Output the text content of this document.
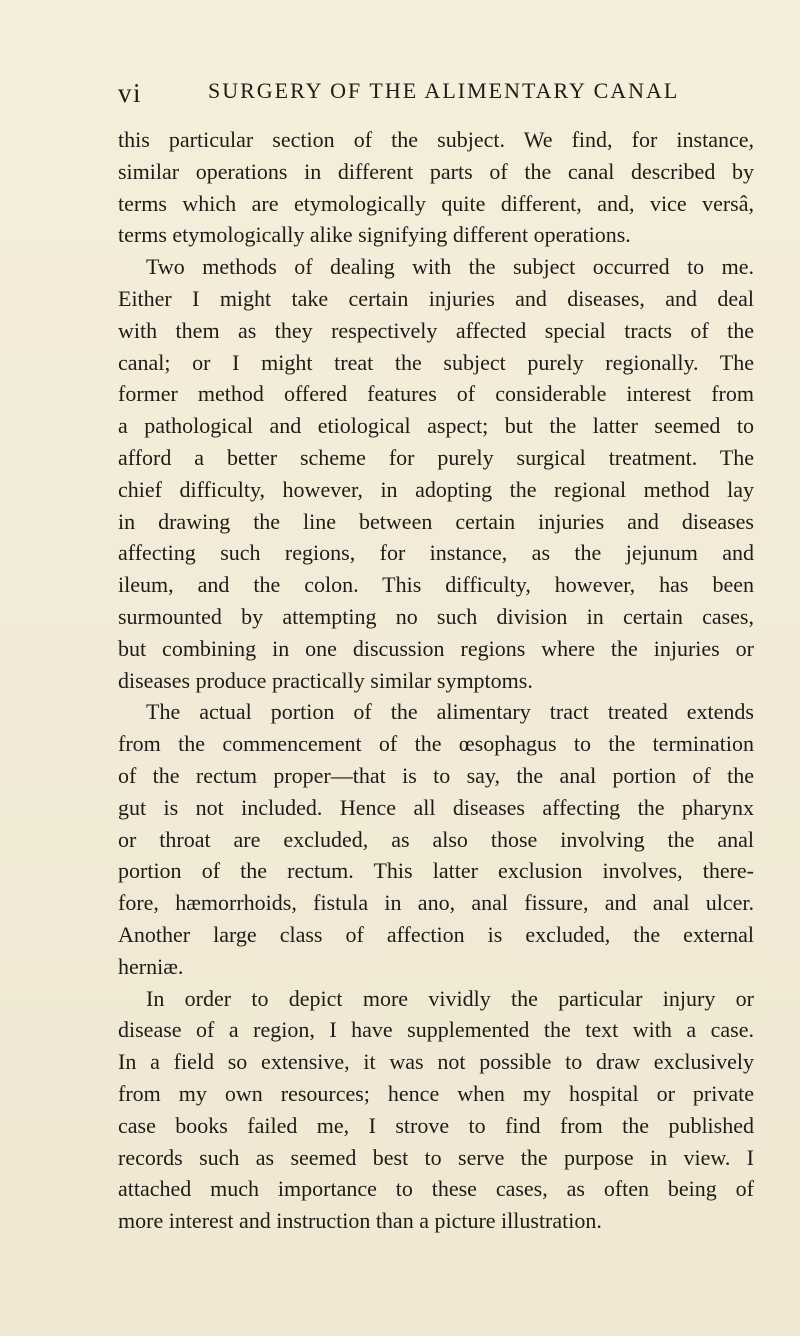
vi	SURGERY OF THE ALIMENTARY CANAL
this particular section of the subject. We find, for instance,
similar operations in different parts of the canal described by
terms which are etymologically quite different, and, vice versâ,
terms etymologically alike signifying different operations.
Two methods of dealing with the subject occurred to me.
Either I might take certain injuries and diseases, and deal
with them as they respectively affected special tracts of the
canal; or I might treat the subject purely regionally. The
former method offered features of considerable interest from
a pathological and etiological aspect; but the latter seemed to
afford a better scheme for purely surgical treatment. The
chief difficulty, however, in adopting the regional method lay
in drawing the line between certain injuries and diseases
affecting such regions, for instance, as the jejunum and
ileum, and the colon. This difficulty, however, has been
surmounted by attempting no such division in certain cases,
but combining in one discussion regions where the injuries or
diseases produce practically similar symptoms.
The actual portion of the alimentary tract treated extends
from the commencement of the œsophagus to the termination
of the rectum proper—that is to say, the anal portion of the
gut is not included. Hence all diseases affecting the pharynx
or throat are excluded, as also those involving the anal
portion of the rectum. This latter exclusion involves, there-
fore, hæmorrhoids, fistula in ano, anal fissure, and anal ulcer.
Another large class of affection is excluded, the external
herniæ.
In order to depict more vividly the particular injury or
disease of a region, I have supplemented the text with a case.
In a field so extensive, it was not possible to draw exclusively
from my own resources; hence when my hospital or private
case books failed me, I strove to find from the published
records such as seemed best to serve the purpose in view. I
attached much importance to these cases, as often being of
more interest and instruction than a picture illustration.
